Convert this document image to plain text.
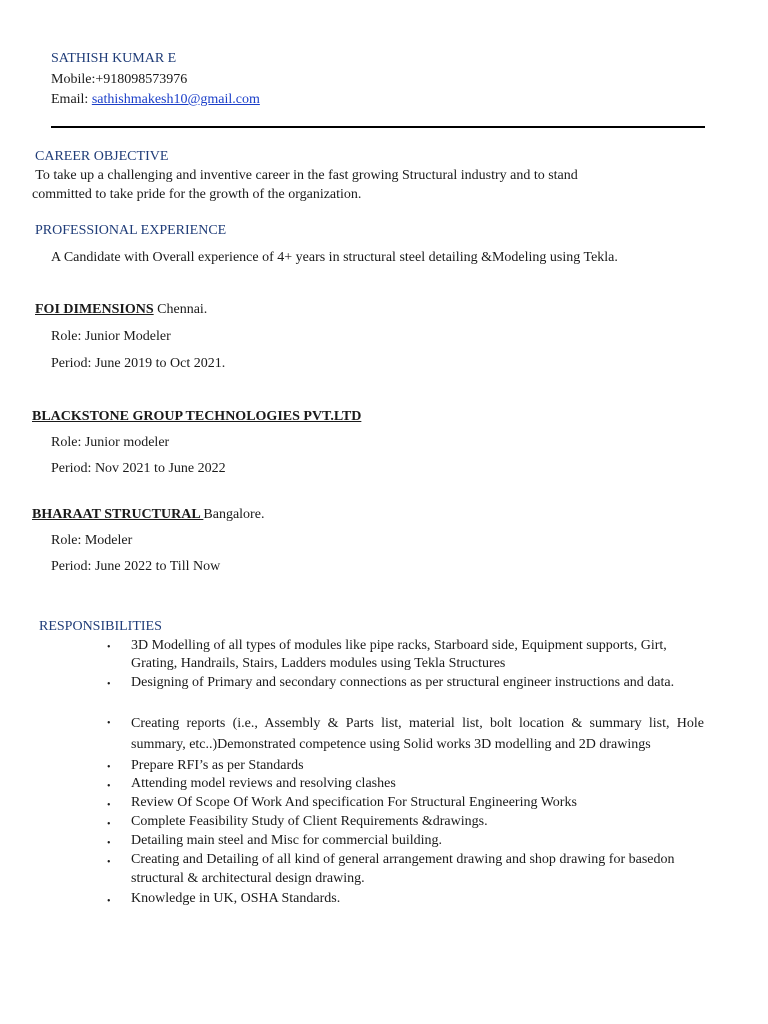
SATHISH KUMAR E
Mobile:+918098573976
Email: sathishmakesh10@gmail.com
CAREER OBJECTIVE
To take up a challenging and inventive career in the fast growing Structural industry and to stand
committed to take pride for the growth of the organization.
PROFESSIONAL EXPERIENCE
A Candidate with Overall experience of 4+ years in structural steel detailing &Modeling using Tekla.
FOI DIMENSIONS Chennai.
Role: Junior Modeler
Period: June 2019 to Oct 2021.
BLACKSTONE GROUP TECHNOLOGIES PVT.LTD
Role: Junior modeler
Period: Nov 2021 to June 2022
BHARAAT STRUCTURAL Bangalore.
Role: Modeler
Period: June 2022 to Till Now
RESPONSIBILITIES
• 3D Modelling of all types of modules like pipe racks, Starboard side, Equipment supports, Girt, Grating, Handrails, Stairs, Ladders modules using Tekla Structures
• Designing of Primary and secondary connections as per structural engineer instructions and data.
• Creating reports (i.e., Assembly & Parts list, material list, bolt location & summary list, Hole summary, etc..)Demonstrated competence using Solid works 3D modelling and 2D drawings
• Prepare RFI’s as per Standards
• Attending model reviews and resolving clashes
• Review Of Scope Of Work And specification For Structural Engineering Works
• Complete Feasibility Study of Client Requirements &drawings.
• Detailing main steel and Misc for commercial building.
• Creating and Detailing of all kind of general arrangement drawing and shop drawing for basedon structural & architectural design drawing.
• Knowledge in UK, OSHA Standards.
